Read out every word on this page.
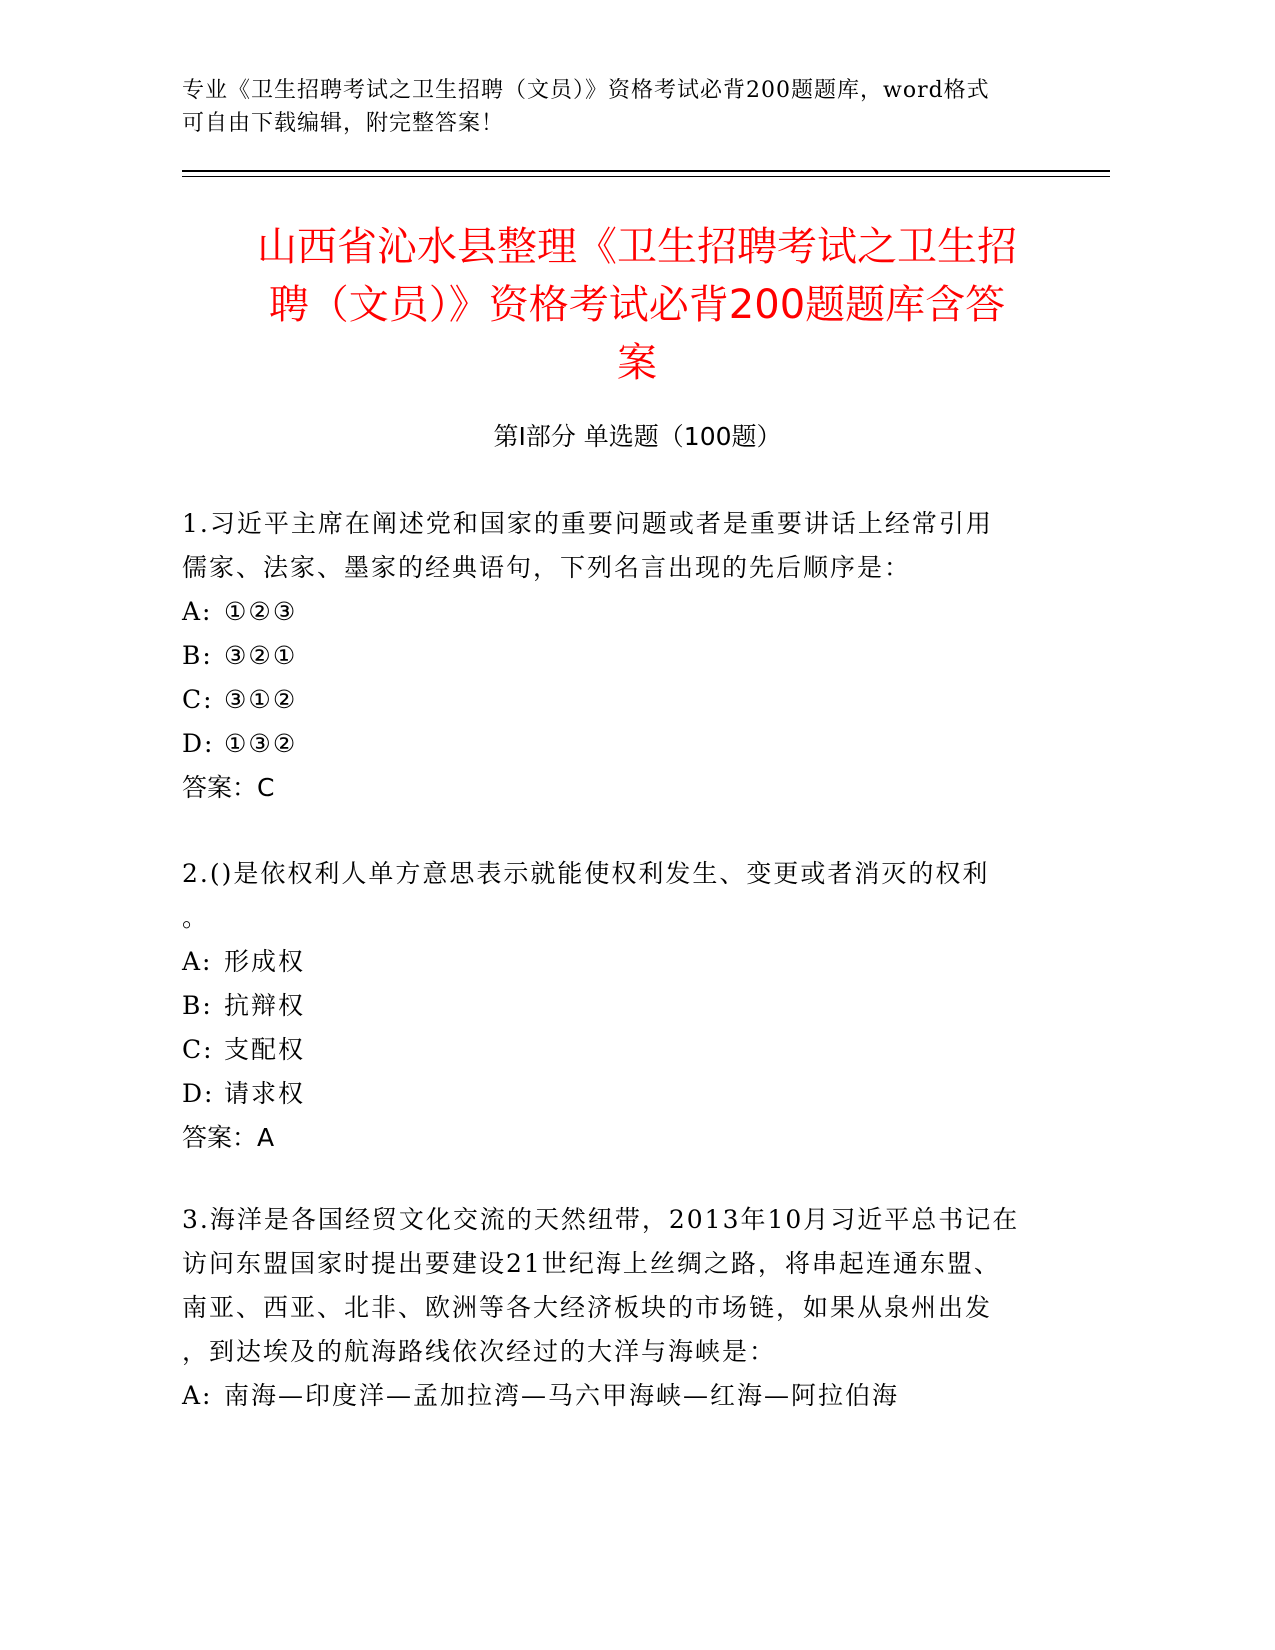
专业《卫生招聘考试之卫生招聘（文员）》资格考试必背200题题库，word格式
可自由下载编辑，附完整答案！
山西省沁水县整理《卫生招聘考试之卫生招
聘（文员）》资格考试必背200题题库含答
案
第Ⅰ部分 单选题（100题）
1.习近平主席在阐述党和国家的重要问题或者是重要讲话上经常引用
儒家、法家、墨家的经典语句，下列名言出现的先后顺序是：
A: ①②③
B: ③②①
C: ③①②
D: ①③②
答案：C
2.()是依权利人单方意思表示就能使权利发生、变更或者消灭的权利
。
A: 形成权
B: 抗辩权
C: 支配权
D: 请求权
答案：A
3.海洋是各国经贸文化交流的天然纽带，2013年10月习近平总书记在
访问东盟国家时提出要建设21世纪海上丝绸之路，将串起连通东盟、
南亚、西亚、北非、欧洲等各大经济板块的市场链，如果从泉州出发
，到达埃及的航海路线依次经过的大洋与海峡是：
A: 南海—印度洋—孟加拉湾—马六甲海峡—红海—阿拉伯海
